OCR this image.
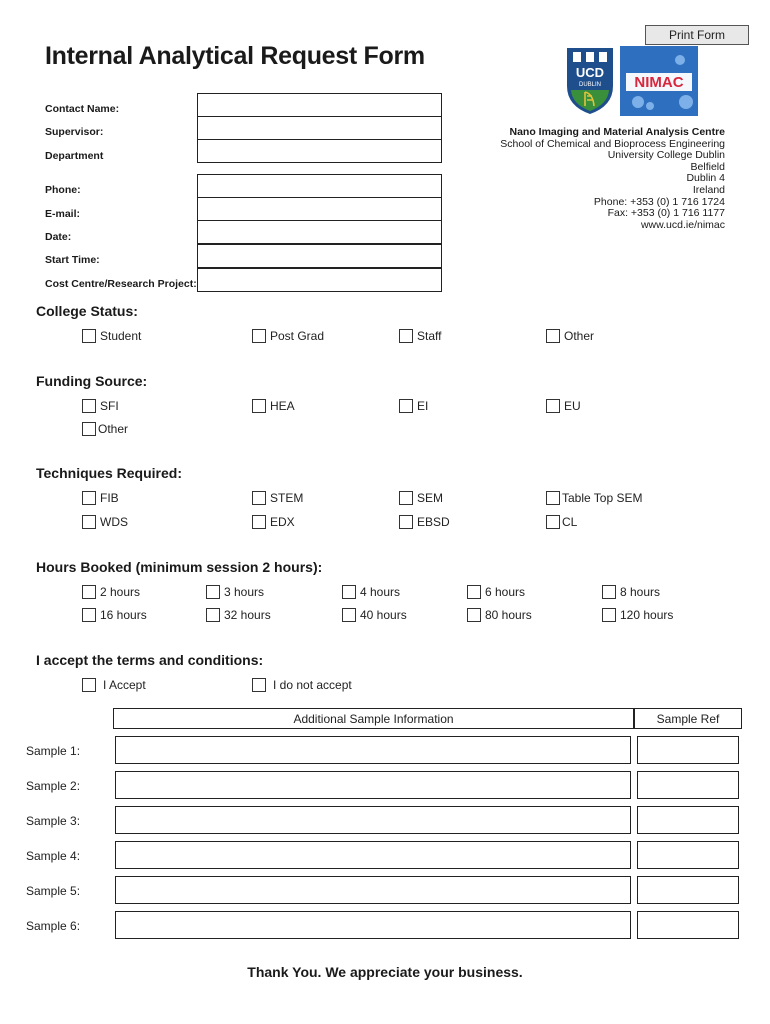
Print Form
Internal Analytical Request Form
UCD
DUBLIN NIMAC
Contact Name:
Supervisor:
Department
Phone:
E-mail:
Date:
Start Time:
Cost Centre/Research Project:
Nano Imaging and Material Analysis Centre
School of Chemical and Bioprocess Engineering
University College Dublin
Belfield
Dublin 4
Ireland
Phone: +353 (0) 1 716 1724
Fax: +353 (0) 1 716 1177
www.ucd.ie/nimac
College Status:
Student	Post Grad	Staff	Other
Funding Source:
SFI	HEA	EI	EU
Other
Techniques Required:
FIB	STEM	SEM	Table Top SEM
WDS	EDX	EBSD	CL
Hours Booked (minimum session 2 hours):
2 hours	3 hours	4 hours	6 hours	8 hours
16 hours	32 hours	40 hours	80 hours	120 hours
I accept the terms and conditions:
I Accept	I do not accept
Additional Sample Information	Sample Ref
Sample 1:
Sample 2:
Sample 3:
Sample 4:
Sample 5:
Sample 6:
Thank You. We appreciate your business.
